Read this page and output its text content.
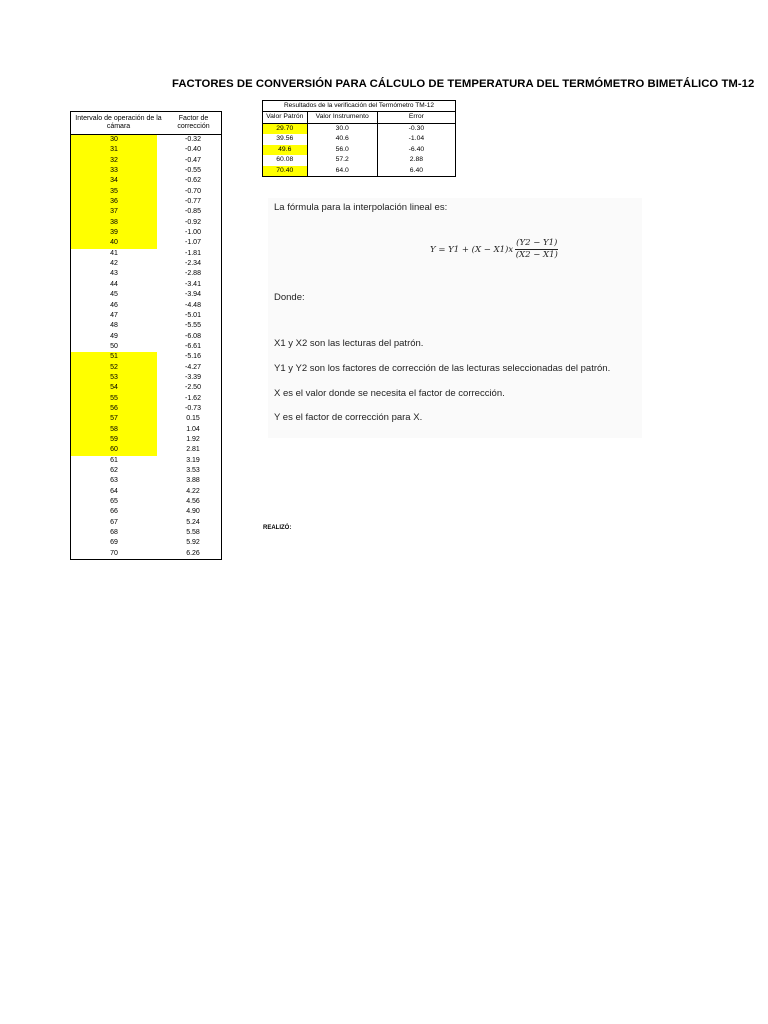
FACTORES DE CONVERSIÓN PARA CÁLCULO DE TEMPERATURA DEL TERMÓMETRO BIMETÁLICO TM-12
Intervalo de operación de la cámara
Factor de corrección
30	-0.32
31	-0.40
32	-0.47
33	-0.55
34	-0.62
35	-0.70
36	-0.77
37	-0.85
38	-0.92
39	-1.00
40	-1.07
41	-1.81
42	-2.34
43	-2.88
44	-3.41
45	-3.94
46	-4.48
47	-5.01
48	-5.55
49	-6.08
50	-6.61
51	-5.16
52	-4.27
53	-3.39
54	-2.50
55	-1.62
56	-0.73
57	0.15
58	1.04
59	1.92
60	2.81
61	3.19
62	3.53
63	3.88
64	4.22
65	4.56
66	4.90
67	5.24
68	5.58
69	5.92
70	6.26
Resultados de la verificación del Termómetro TM-12
Valor Patrón	Valor Instrumento	Error
29.70	30.0	-0.30
39.56	40.6	-1.04
49.6	56.0	-6.40
60.08	57.2	2.88
70.40	64.0	6.40

La fórmula para la interpolación lineal es:

$Y = Y1 + (X - X1)x \frac{(Y2 - Y1)}{(X2 - X1)}$

Donde:

X1 y X2 son las lecturas del patrón.

Y1 y Y2 son los factores de corrección de las lecturas seleccionadas del patrón.

X es el valor donde se necesita el factor de corrección.

Y es el factor de corrección para X.

REALIZÓ:
